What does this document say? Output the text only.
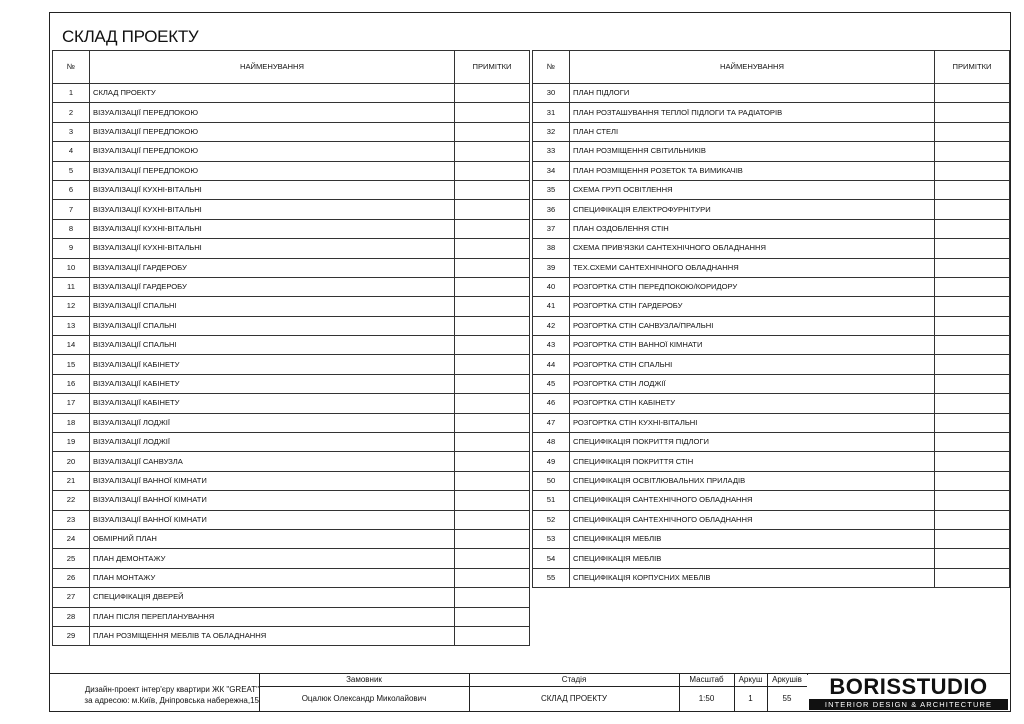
СКЛАД ПРОЕКТУ
№	НАЙМЕНУВАННЯ	ПРИМІТКИ
1	СКЛАД ПРОЕКТУ	
2	ВІЗУАЛІЗАЦІЇ ПЕРЕДПОКОЮ	
3	ВІЗУАЛІЗАЦІЇ ПЕРЕДПОКОЮ	
4	ВІЗУАЛІЗАЦІЇ ПЕРЕДПОКОЮ	
5	ВІЗУАЛІЗАЦІЇ ПЕРЕДПОКОЮ	
6	ВІЗУАЛІЗАЦІЇ КУХНІ-ВІТАЛЬНІ	
7	ВІЗУАЛІЗАЦІЇ КУХНІ-ВІТАЛЬНІ	
8	ВІЗУАЛІЗАЦІЇ КУХНІ-ВІТАЛЬНІ	
9	ВІЗУАЛІЗАЦІЇ КУХНІ-ВІТАЛЬНІ	
10	ВІЗУАЛІЗАЦІЇ ГАРДЕРОБУ	
11	ВІЗУАЛІЗАЦІЇ ГАРДЕРОБУ	
12	ВІЗУАЛІЗАЦІЇ СПАЛЬНІ	
13	ВІЗУАЛІЗАЦІЇ СПАЛЬНІ	
14	ВІЗУАЛІЗАЦІЇ СПАЛЬНІ	
15	ВІЗУАЛІЗАЦІЇ КАБІНЕТУ	
16	ВІЗУАЛІЗАЦІЇ КАБІНЕТУ	
17	ВІЗУАЛІЗАЦІЇ КАБІНЕТУ	
18	ВІЗУАЛІЗАЦІЇ ЛОДЖІЇ	
19	ВІЗУАЛІЗАЦІЇ ЛОДЖІЇ	
20	ВІЗУАЛІЗАЦІЇ САНВУЗЛА	
21	ВІЗУАЛІЗАЦІЇ ВАННОЇ КІМНАТИ	
22	ВІЗУАЛІЗАЦІЇ ВАННОЇ КІМНАТИ	
23	ВІЗУАЛІЗАЦІЇ ВАННОЇ КІМНАТИ	
24	ОБМІРНИЙ ПЛАН	
25	ПЛАН ДЕМОНТАЖУ	
26	ПЛАН МОНТАЖУ	
27	СПЕЦИФІКАЦІЯ ДВЕРЕЙ	
28	ПЛАН ПІСЛЯ ПЕРЕПЛАНУВАННЯ	
29	ПЛАН РОЗМІЩЕННЯ МЕБЛІВ ТА ОБЛАДНАННЯ	
№	НАЙМЕНУВАННЯ	ПРИМІТКИ
30	ПЛАН ПІДЛОГИ	
31	ПЛАН РОЗТАШУВАННЯ ТЕПЛОЇ ПІДЛОГИ ТА РАДІАТОРІВ	
32	ПЛАН СТЕЛІ	
33	ПЛАН РОЗМІЩЕННЯ СВІТИЛЬНИКІВ	
34	ПЛАН РОЗМІЩЕННЯ РОЗЕТОК ТА ВИМИКАЧІВ	
35	СХЕМА ГРУП ОСВІТЛЕННЯ	
36	СПЕЦИФІКАЦІЯ ЕЛЕКТРОФУРНІТУРИ	
37	ПЛАН ОЗДОБЛЕННЯ СТІН	
38	СХЕМА ПРИВ'ЯЗКИ САНТЕХНІЧНОГО ОБЛАДНАННЯ	
39	ТЕХ.СХЕМИ САНТЕХНІЧНОГО ОБЛАДНАННЯ	
40	РОЗГОРТКА СТІН ПЕРЕДПОКОЮ/КОРИДОРУ	
41	РОЗГОРТКА СТІН ГАРДЕРОБУ	
42	РОЗГОРТКА СТІН САНВУЗЛА/ПРАЛЬНІ	
43	РОЗГОРТКА СТІН ВАННОЇ КІМНАТИ	
44	РОЗГОРТКА СТІН СПАЛЬНІ	
45	РОЗГОРТКА СТІН ЛОДЖІЇ	
46	РОЗГОРТКА СТІН КАБІНЕТУ	
47	РОЗГОРТКА СТІН КУХНІ-ВІТАЛЬНІ	
48	СПЕЦИФІКАЦІЯ ПОКРИТТЯ ПІДЛОГИ	
49	СПЕЦИФІКАЦІЯ ПОКРИТТЯ СТІН	
50	СПЕЦИФІКАЦІЯ ОСВІТЛЮВАЛЬНИХ ПРИЛАДІВ	
51	СПЕЦИФІКАЦІЯ САНТЕХНІЧНОГО ОБЛАДНАННЯ	
52	СПЕЦИФІКАЦІЯ САНТЕХНІЧНОГО ОБЛАДНАННЯ	
53	СПЕЦИФІКАЦІЯ МЕБЛІВ	
54	СПЕЦИФІКАЦІЯ МЕБЛІВ	
55	СПЕЦИФІКАЦІЯ КОРПУСНИХ МЕБЛІВ	
Дизайн-проект інтер'єру квартири ЖК "GREAT"
за адресою: м.Київ, Дніпровська набережна,15
Замовник
Оцалюк Олександр Миколайович
Стадія
СКЛАД ПРОЕКТУ
Масштаб
1:50
Аркуш
1
Аркушів
55	BORISSTUDIO
INTERIOR DESIGN & ARCHITECTURE
